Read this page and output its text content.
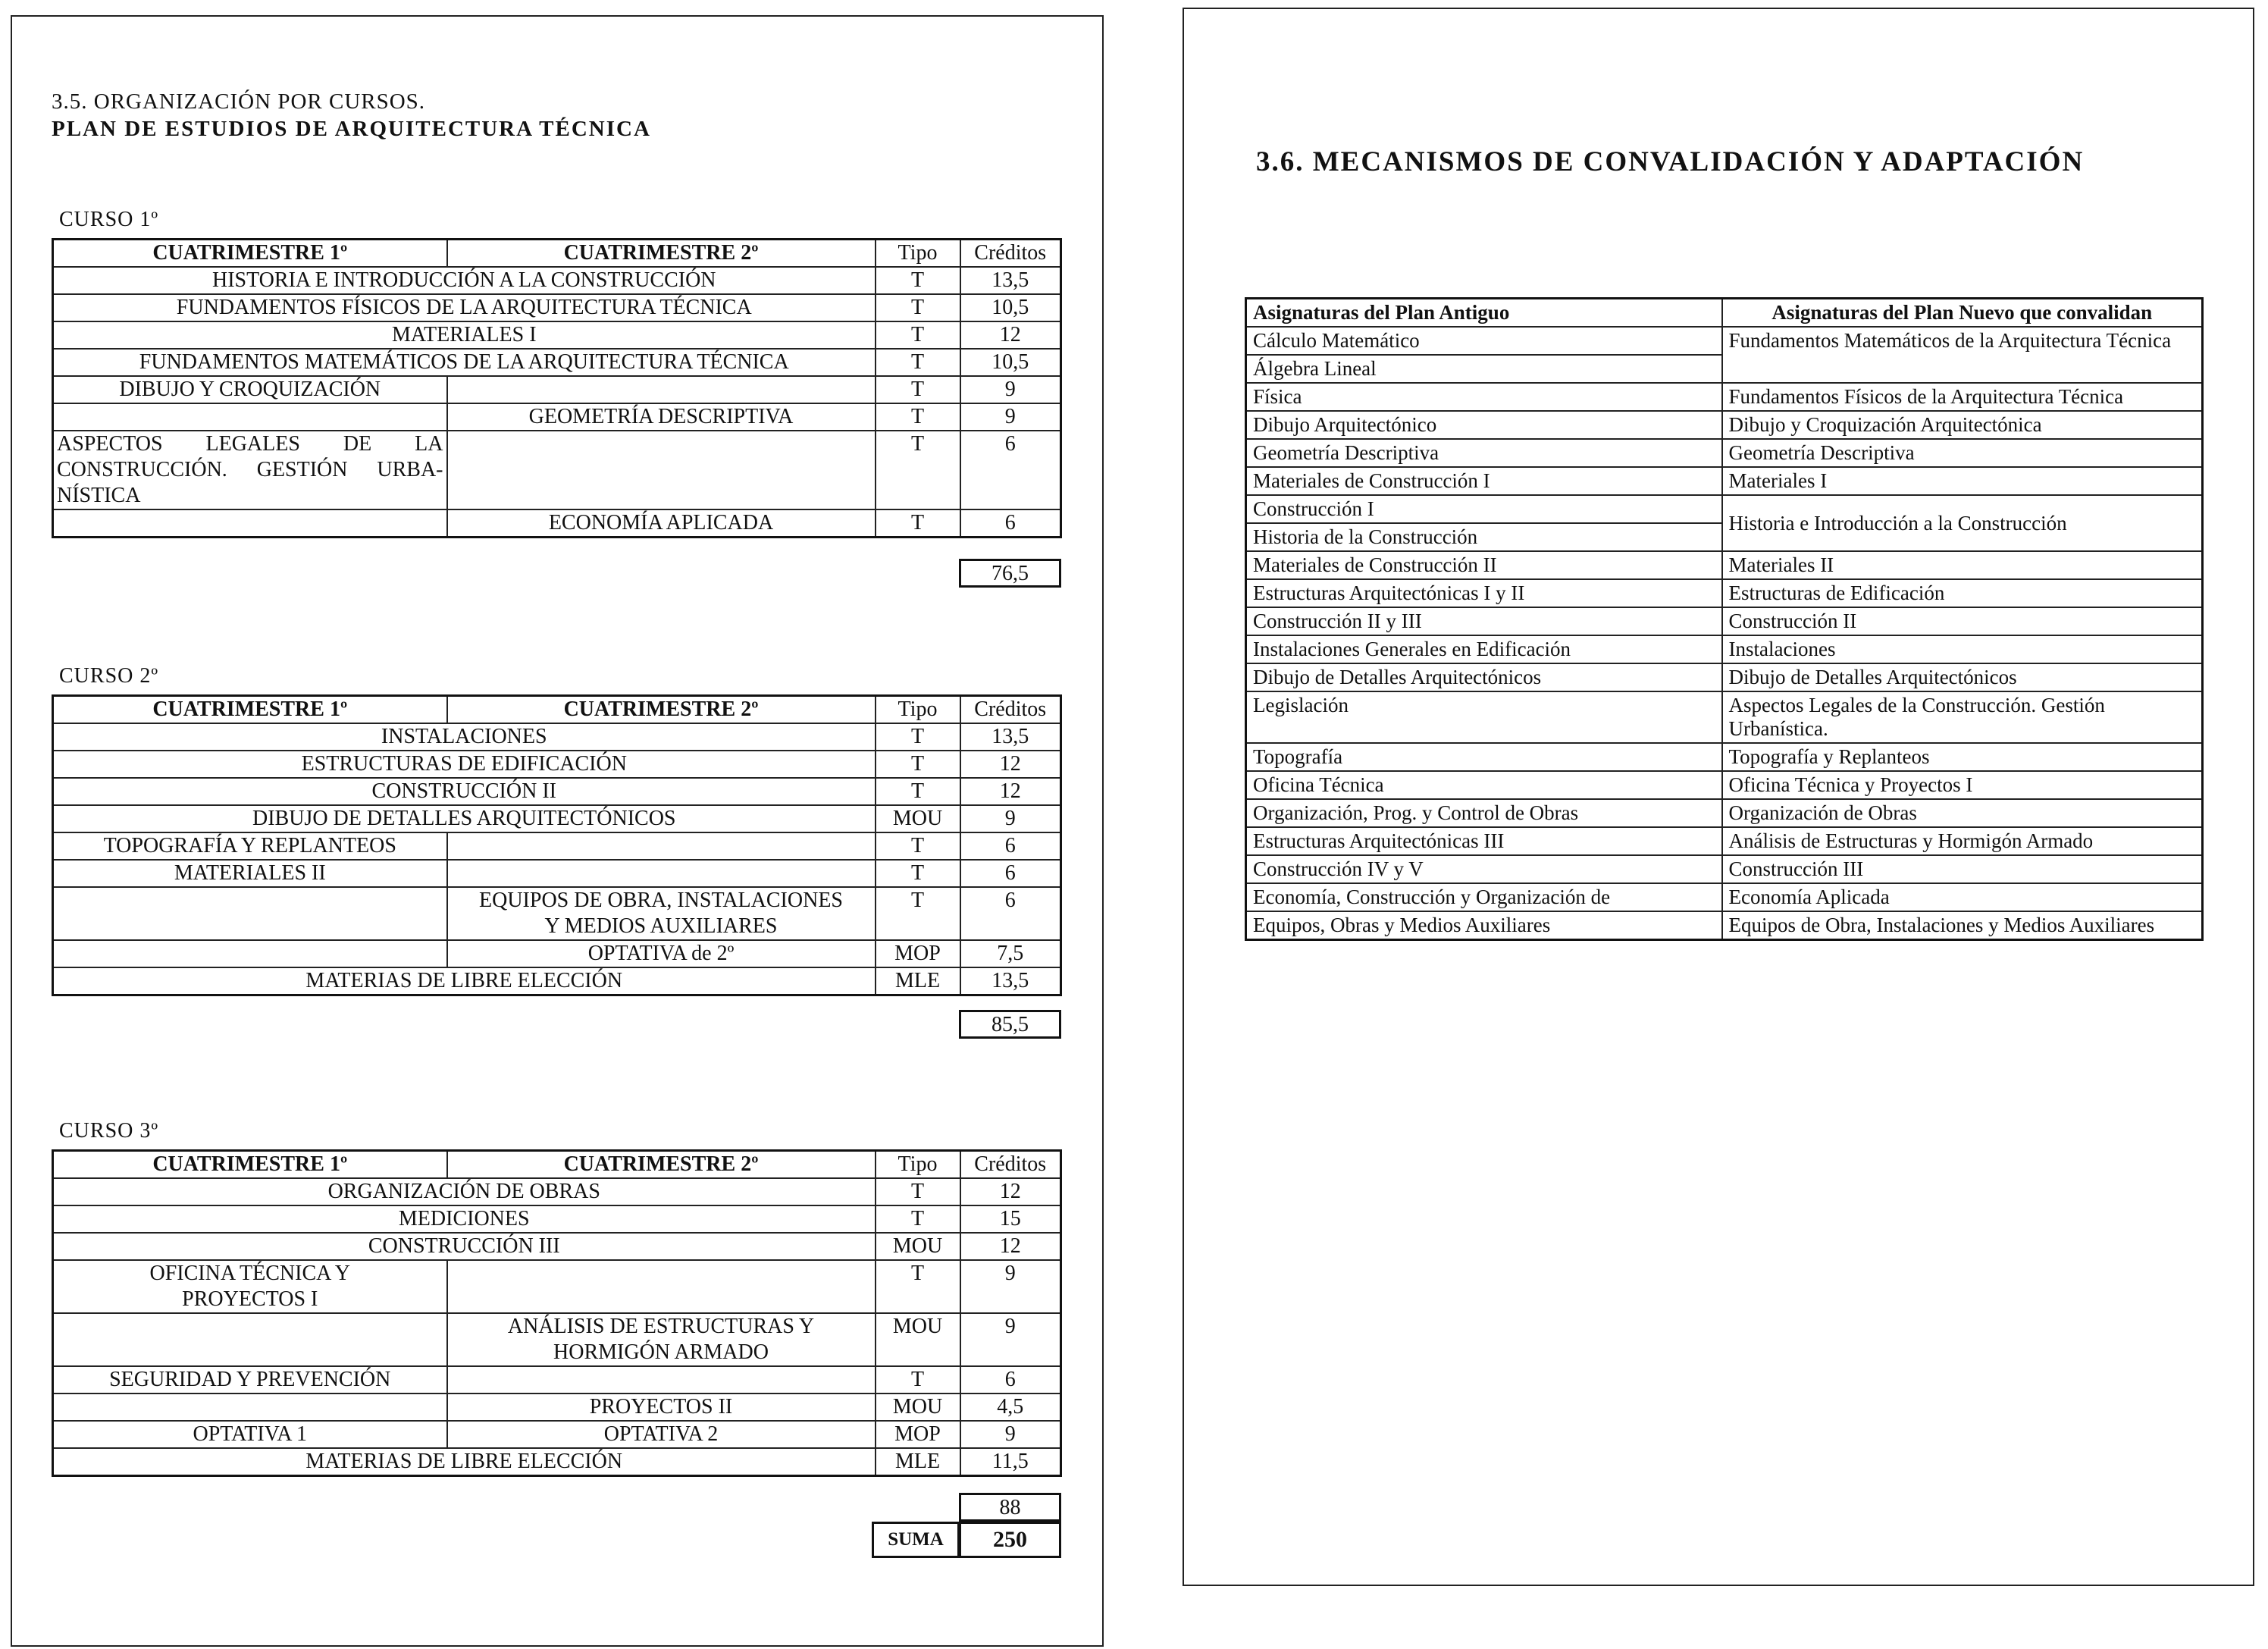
3.5. ORGANIZACIÓN POR CURSOS.
PLAN DE ESTUDIOS DE ARQUITECTURA TÉCNICA
CURSO 1º
CUATRIMESTRE 1º	CUATRIMESTRE 2º	Tipo	Créditos
HISTORIA E INTRODUCCIÓN A LA CONSTRUCCIÓN		T	13,5
FUNDAMENTOS FÍSICOS DE LA ARQUITECTURA TÉCNICA		T	10,5
MATERIALES I		T	12
FUNDAMENTOS MATEMÁTICOS DE LA ARQUITECTURA TÉCNICA		T	10,5
DIBUJO Y CROQUIZACIÓN		T	9
	GEOMETRÍA DESCRIPTIVA	T	9

ASPECTOS LEGALES DE LA
CONSTRUCCIÓN. GESTIÓN URBA-
NÍSTICA		T	6
	ECONOMÍA APLICADA	T	6
76,5
CURSO 2º
CUATRIMESTRE 1º	CUATRIMESTRE 2º	Tipo	Créditos
INSTALACIONES		T	13,5
ESTRUCTURAS DE EDIFICACIÓN		T	12
CONSTRUCCIÓN II		T	12
DIBUJO DE DETALLES ARQUITECTÓNICOS		MOU	9
TOPOGRAFÍA Y REPLANTEOS		T	6
MATERIALES II		T	6

	EQUIPOS DE OBRA, INSTALACIONES
Y MEDIOS AUXILIARES	T	6
	OPTATIVA de 2º	MOP	7,5
MATERIAS DE LIBRE ELECCIÓN		MLE	13,5
85,5
CURSO 3º
CUATRIMESTRE 1º	CUATRIMESTRE 2º	Tipo	Créditos
ORGANIZACIÓN DE OBRAS		T	12
MEDICIONES		T	15
CONSTRUCCIÓN III		MOU	12

OFICINA TÉCNICA Y
PROYECTOS I		T	9

	ANÁLISIS DE ESTRUCTURAS Y
HORMIGÓN ARMADO	MOU	9
SEGURIDAD Y PREVENCIÓN		T	6
	PROYECTOS II	MOU	4,5
OPTATIVA 1	OPTATIVA 2	MOP	9
MATERIAS DE LIBRE ELECCIÓN		MLE	11,5
88
SUMA	250
3.6. MECANISMOS DE CONVALIDACIÓN Y ADAPTACIÓN
Asignaturas del Plan Antiguo	Asignaturas del Plan Nuevo que convalidan
Cálculo Matemático	Fundamentos Matemáticos de la Arquitectura Técnica
Álgebra Lineal	
Física	Fundamentos Físicos de la Arquitectura Técnica
Dibujo Arquitectónico	Dibujo y Croquización Arquitectónica
Geometría Descriptiva	Geometría Descriptiva
Materiales de Construcción I	Materiales I
Construcción I	Historia e Introducción a la Construcción
Historia de la Construcción	
Materiales de Construcción II	Materiales II
Estructuras Arquitectónicas I y II	Estructuras de Edificación
Construcción II y III	Construcción II
Instalaciones Generales en Edificación	Instalaciones
Dibujo de Detalles Arquitectónicos	Dibujo de Detalles Arquitectónicos
Legislación	Aspectos Legales de la Construcción. Gestión Urbanística.
Topografía	Topografía y Replanteos
Oficina Técnica	Oficina Técnica y Proyectos I
Organización, Prog. y Control de Obras	Organización de Obras
Estructuras Arquitectónicas III	Análisis de Estructuras y Hormigón Armado
Construcción IV y V	Construcción III
Economía, Construcción y Organización de	Economía Aplicada
Equipos, Obras y Medios Auxiliares	Equipos de Obra, Instalaciones y Medios Auxiliares
